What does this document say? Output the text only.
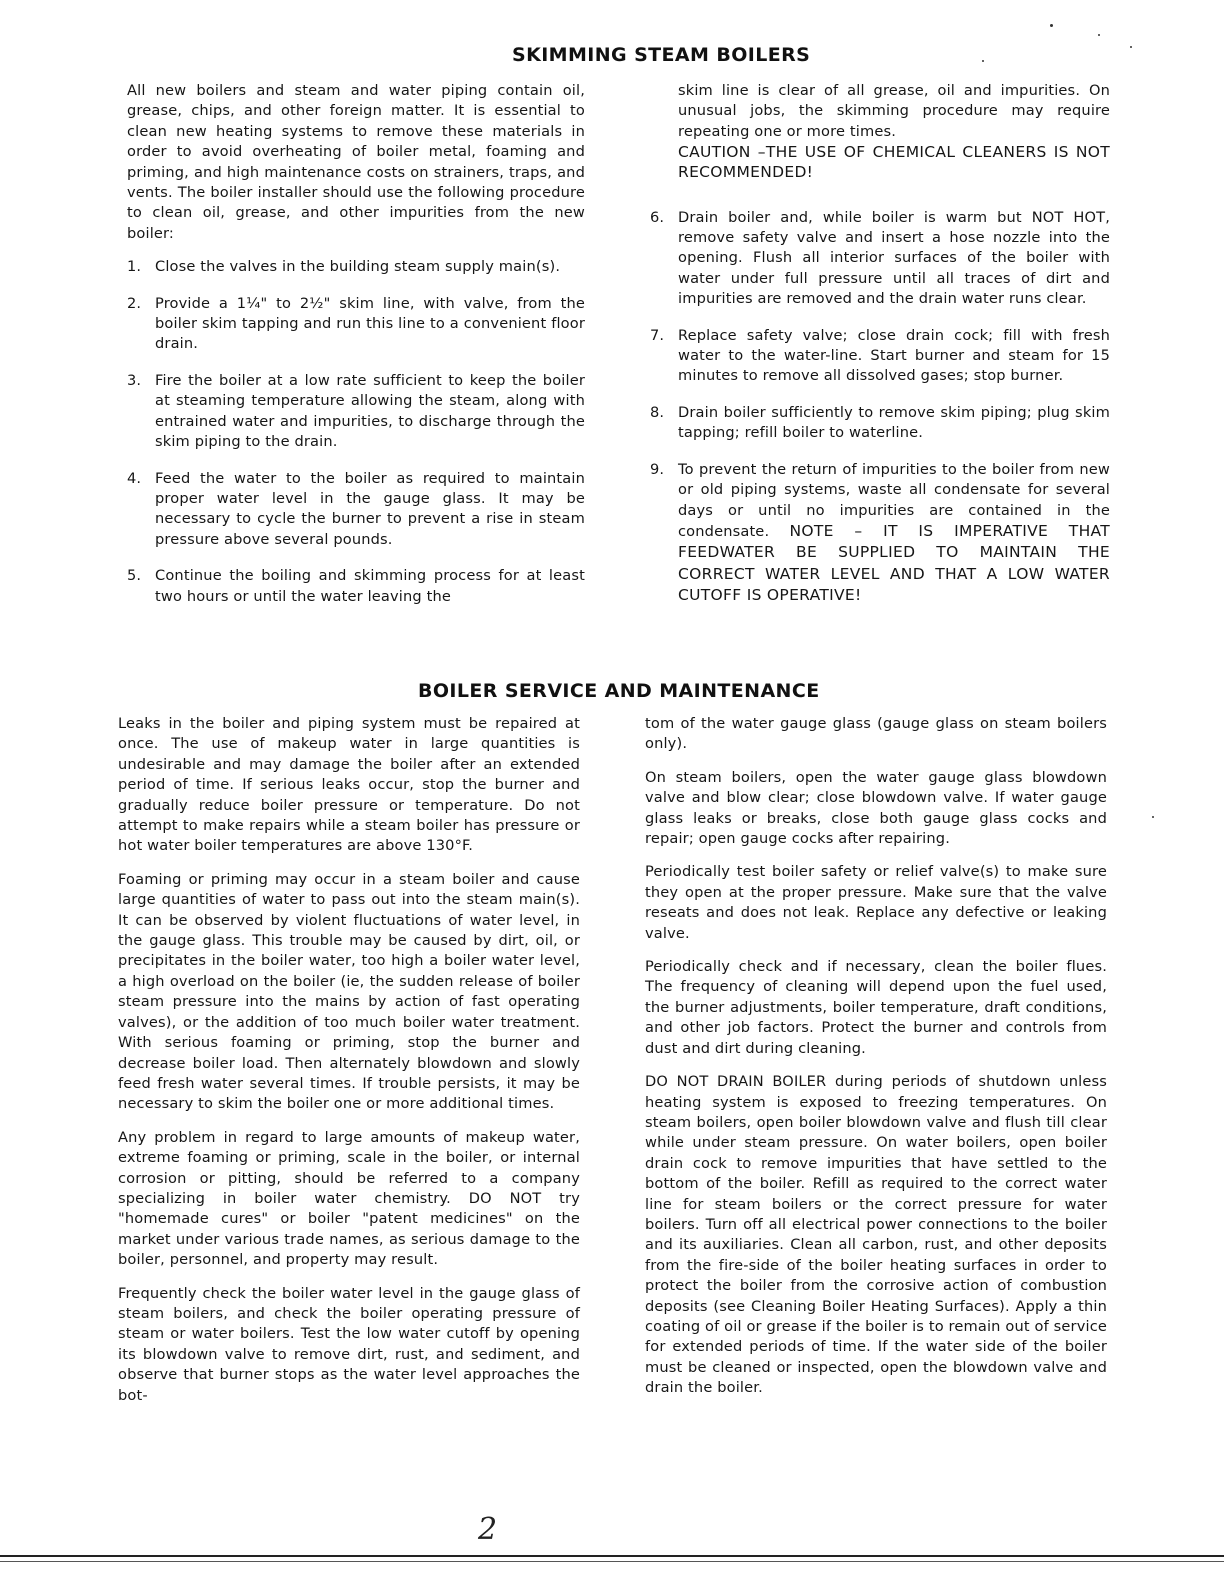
SKIMMING STEAM BOILERS

All new boilers and steam and water piping contain oil, grease, chips, and other foreign matter. It is essential to clean new heating systems to remove these materials in order to avoid overheating of boiler metal, foaming and priming, and high maintenance costs on strainers, traps, and vents. The boiler installer should use the following procedure to clean oil, grease, and other impurities from the new boiler:

1. Close the valves in the building steam supply main(s).
2. Provide a 1¼" to 2½" skim line, with valve, from the boiler skim tapping and run this line to a convenient floor drain.
3. Fire the boiler at a low rate sufficient to keep the boiler at steaming temperature allowing the steam, along with entrained water and impurities, to discharge through the skim piping to the drain.
4. Feed the water to the boiler as required to maintain proper water level in the gauge glass. It may be necessary to cycle the burner to prevent a rise in steam pressure above several pounds.
5. Continue the boiling and skimming process for at least two hours or until the water leaving the
skim line is clear of all grease, oil and impurities. On unusual jobs, the skimming procedure may require repeating one or more times.
CAUTION –THE USE OF CHEMICAL CLEANERS IS NOT RECOMMENDED!
6. Drain boiler and, while boiler is warm but NOT HOT, remove safety valve and insert a hose nozzle into the opening. Flush all interior surfaces of the boiler with water under full pressure until all traces of dirt and impurities are removed and the drain water runs clear.
7. Replace safety valve; close drain cock; fill with fresh water to the water-line. Start burner and steam for 15 minutes to remove all dissolved gases; stop burner.
8. Drain boiler sufficiently to remove skim piping; plug skim tapping; refill boiler to waterline.
9. To prevent the return of impurities to the boiler from new or old piping systems, waste all condensate for several days or until no impurities are contained in the condensate. NOTE – IT IS IMPERATIVE THAT FEEDWATER BE SUPPLIED TO MAINTAIN THE CORRECT WATER LEVEL AND THAT A LOW WATER CUTOFF IS OPERATIVE!
BOILER SERVICE AND MAINTENANCE

Leaks in the boiler and piping system must be repaired at once. The use of makeup water in large quantities is undesirable and may damage the boiler after an extended period of time. If serious leaks occur, stop the burner and gradually reduce boiler pressure or temperature. Do not attempt to make repairs while a steam boiler has pressure or hot water boiler temperatures are above 130°F.

Foaming or priming may occur in a steam boiler and cause large quantities of water to pass out into the steam main(s). It can be observed by violent fluctuations of water level, in the gauge glass. This trouble may be caused by dirt, oil, or precipitates in the boiler water, too high a boiler water level, a high overload on the boiler (ie, the sudden release of boiler steam pressure into the mains by action of fast operating valves), or the addition of too much boiler water treatment. With serious foaming or priming, stop the burner and decrease boiler load. Then alternately blowdown and slowly feed fresh water several times. If trouble persists, it may be necessary to skim the boiler one or more additional times.

Any problem in regard to large amounts of makeup water, extreme foaming or priming, scale in the boiler, or internal corrosion or pitting, should be referred to a company specializing in boiler water chemistry. DO NOT try "homemade cures" or boiler "patent medicines" on the market under various trade names, as serious damage to the boiler, personnel, and property may result.

Frequently check the boiler water level in the gauge glass of steam boilers, and check the boiler operating pressure of steam or water boilers. Test the low water cutoff by opening its blowdown valve to remove dirt, rust, and sediment, and observe that burner stops as the water level approaches the bot-

tom of the water gauge glass (gauge glass on steam boilers only).

On steam boilers, open the water gauge glass blowdown valve and blow clear; close blowdown valve. If water gauge glass leaks or breaks, close both gauge glass cocks and repair; open gauge cocks after repairing.

Periodically test boiler safety or relief valve(s) to make sure they open at the proper pressure. Make sure that the valve reseats and does not leak. Replace any defective or leaking valve.

Periodically check and if necessary, clean the boiler flues. The frequency of cleaning will depend upon the fuel used, the burner adjustments, boiler temperature, draft conditions, and other job factors. Protect the burner and controls from dust and dirt during cleaning.

DO NOT DRAIN BOILER during periods of shutdown unless heating system is exposed to freezing temperatures. On steam boilers, open boiler blowdown valve and flush till clear while under steam pressure. On water boilers, open boiler drain cock to remove impurities that have settled to the bottom of the boiler. Refill as required to the correct water line for steam boilers or the correct pressure for water boilers. Turn off all electrical power connections to the boiler and its auxiliaries. Clean all carbon, rust, and other deposits from the fire-side of the boiler heating surfaces in order to protect the boiler from the corrosive action of combustion deposits (see Cleaning Boiler Heating Surfaces). Apply a thin coating of oil or grease if the boiler is to remain out of service for extended periods of time. If the water side of the boiler must be cleaned or inspected, open the blowdown valve and drain the boiler.

2
